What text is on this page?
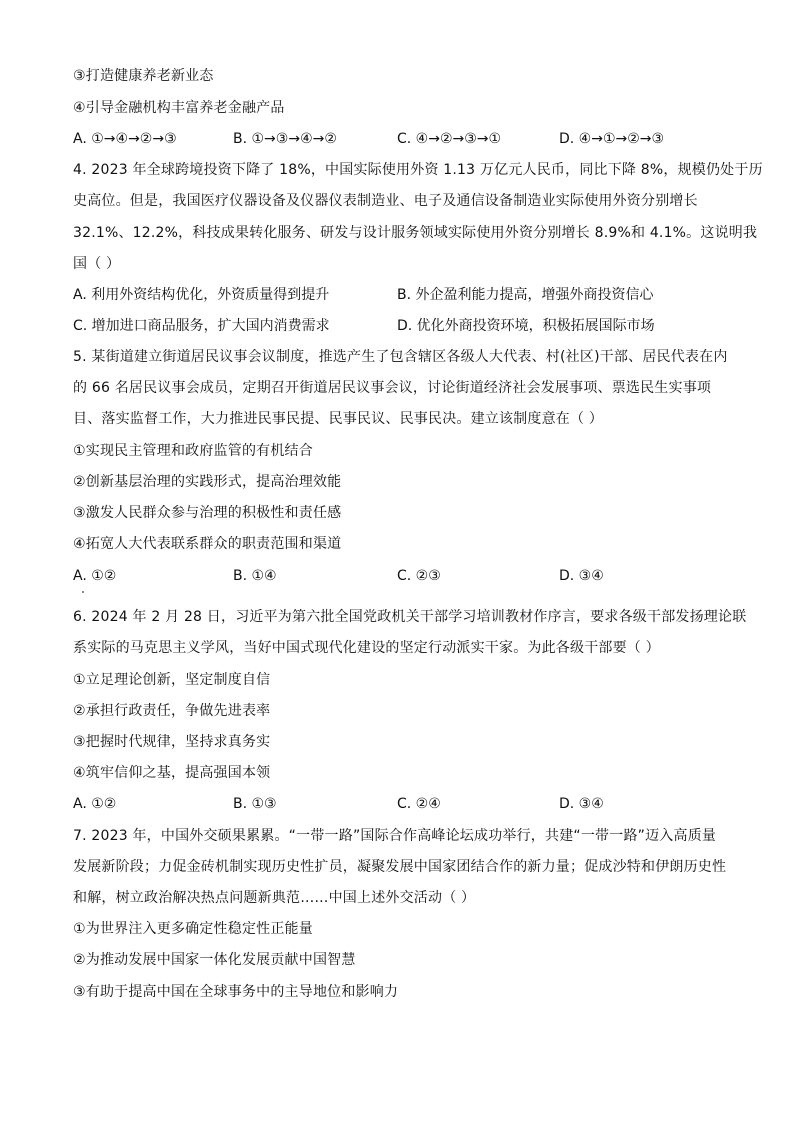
③打造健康养老新业态
④引导金融机构丰富养老金融产品
A. ①→④→②→③	B. ①→③→④→②	C. ④→②→③→①	D. ④→①→②→③
4. 2023 年全球跨境投资下降了 18%，中国实际使用外资 1.13 万亿元人民币，同比下降 8%，规模仍处于历
史高位。但是，我国医疗仪器设备及仪器仪表制造业、电子及通信设备制造业实际使用外资分别增长
32.1%、12.2%，科技成果转化服务、研发与设计服务领域实际使用外资分别增长 8.9%和 4.1%。这说明我
国（ ）
A. 利用外资结构优化，外资质量得到提升	B. 外企盈利能力提高，增强外商投资信心
C. 增加进口商品服务，扩大国内消费需求	D. 优化外商投资环境，积极拓展国际市场
5. 某街道建立街道居民议事会议制度，推选产生了包含辖区各级人大代表、村(社区)干部、居民代表在内
的 66 名居民议事会成员，定期召开街道居民议事会议，讨论街道经济社会发展事项、票选民生实事项
目、落实监督工作，大力推进民事民提、民事民议、民事民决。建立该制度意在（ ）
①实现民主管理和政府监管的有机结合
②创新基层治理的实践形式，提高治理效能
③激发人民群众参与治理的积极性和责任感
④拓宽人大代表联系群众的职责范围和渠道
A. ①②	B. ①④	C. ②③	D. ③④
6. 2024 年 2 月 28 日，习近平为第六批全国党政机关干部学习培训教材作序言，要求各级干部发扬理论联
系实际的马克思主义学风，当好中国式现代化建设的坚定行动派实干家。为此各级干部要（ ）
①立足理论创新，坚定制度自信
②承担行政责任，争做先进表率
③把握时代规律，坚持求真务实
④筑牢信仰之基，提高强国本领
A. ①②	B. ①③	C. ②④	D. ③④
7. 2023 年，中国外交硕果累累。“一带一路”国际合作高峰论坛成功举行，共建“一带一路”迈入高质量
发展新阶段；力促金砖机制实现历史性扩员，凝聚发展中国家团结合作的新力量；促成沙特和伊朗历史性
和解，树立政治解决热点问题新典范……中国上述外交活动（ ）
①为世界注入更多确定性稳定性正能量
②为推动发展中国家一体化发展贡献中国智慧
③有助于提高中国在全球事务中的主导地位和影响力
